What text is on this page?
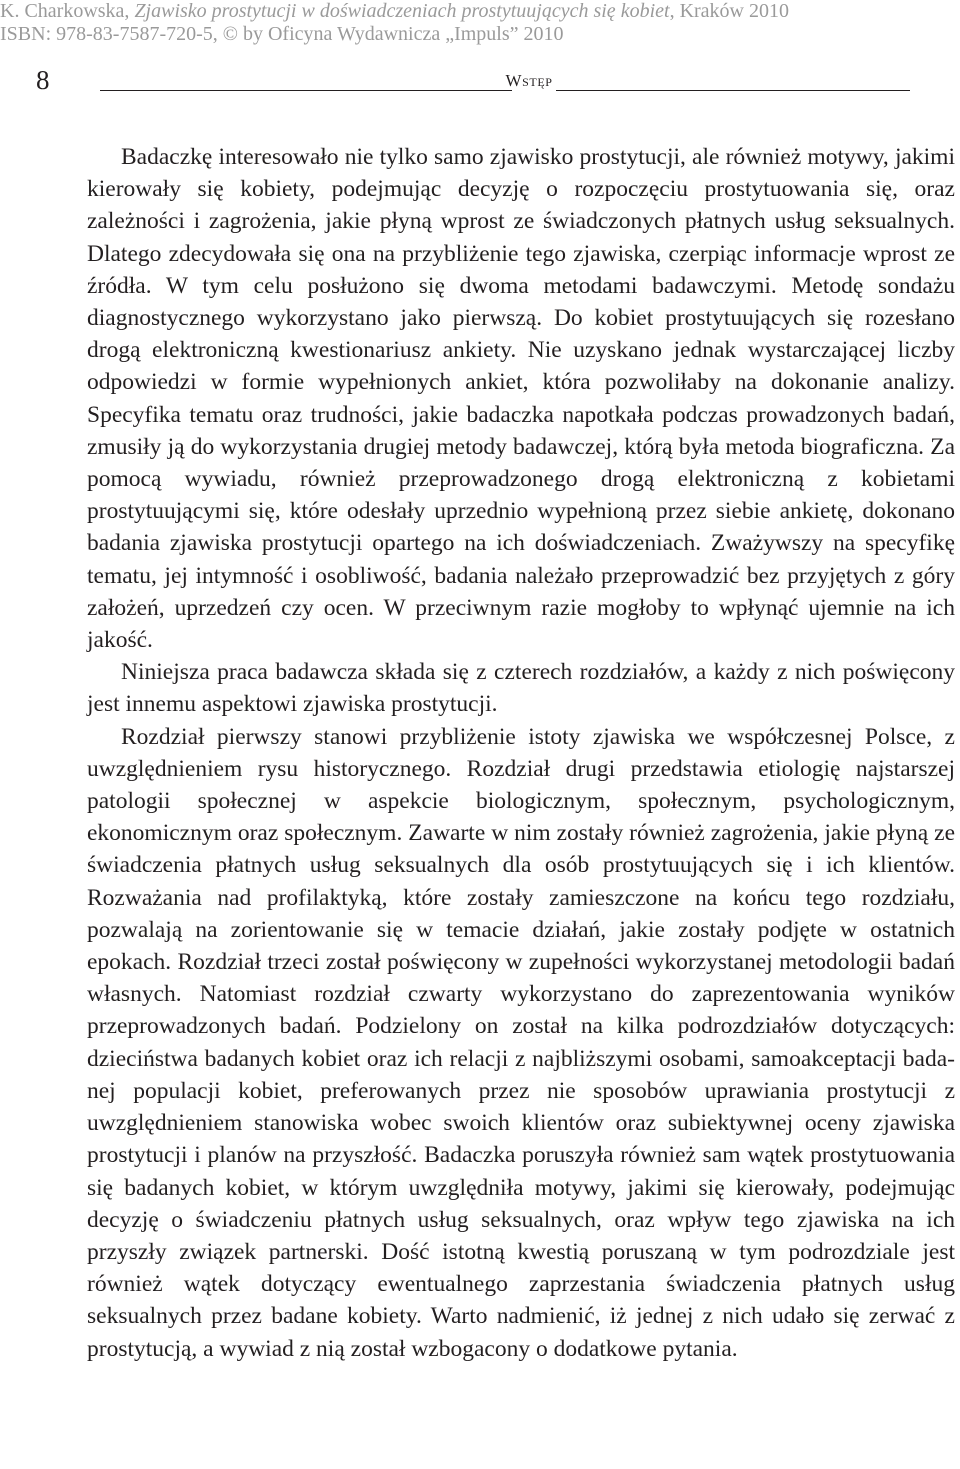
K. Charkowska, Zjawisko prostytucji w doświadczeniach prostytuujących się kobiet, Kraków 2010
ISBN: 978-83-7587-720-5, © by Oficyna Wydawnicza „Impuls” 2010
8	Wstęp

Badaczkę interesowało nie tylko samo zjawisko prostytucji, ale również motywy, jakimi kierowały się kobiety, podejmując decyzję o rozpoczęciu prostytuowania się, oraz zależności i zagrożenia, jakie płyną wprost ze świadczonych płatnych usług seksualnych. Dlatego zdecydowała się ona na przybliżenie tego zjawiska, czerpiąc informacje wprost ze źródła. W tym celu posłużono się dwoma metodami badawczymi. Metodę sondażu diagnostycznego wykorzystano jako pierwszą. Do kobiet prostytuujących się rozesłano drogą elektroniczną kwestionariusz ankiety. Nie uzyskano jednak wystarczającej liczby odpowiedzi w formie wypełnionych ankiet, która pozwoliłaby na dokonanie analizy. Specyfika tematu oraz trudności, jakie badaczka napotkała podczas prowadzonych badań, zmusiły ją do wykorzystania drugiej metody badawczej, którą była metoda biograficzna. Za pomocą wywiadu, również przeprowadzonego drogą elektroniczną z kobietami prostytuującymi się, które odesłały uprzednio wypełnioną przez siebie ankietę, dokonano badania zjawiska prostytucji opartego na ich doświadczeniach. Zważywszy na specyfikę tematu, jej intymność i osobliwość, badania należało przeprowadzić bez przyjętych z góry założeń, uprzedzeń czy ocen. W przeciwnym razie mogłoby to wpłynąć ujemnie na ich jakość.

Niniejsza praca badawcza składa się z czterech rozdziałów, a każdy z nich poświęcony jest innemu aspektowi zjawiska prostytucji.

Rozdział pierwszy stanowi przybliżenie istoty zjawiska we współczesnej Polsce, z uwzględnieniem rysu historycznego. Rozdział drugi przedstawia etiologię najstarszej patologii społecznej w aspekcie biologicznym, społecznym, psychologicznym, ekonomicznym oraz społecznym. Zawarte w nim zostały również zagrożenia, jakie płyną ze świadczenia płatnych usług seksualnych dla osób prostytuujących się i ich klientów. Rozważania nad profilaktyką, które zostały zamieszczone na końcu tego rozdziału, pozwalają na zorientowanie się w temacie działań, jakie zostały podjęte w ostatnich epokach. Rozdział trzeci został poświęcony w zupełności wykorzystanej metodologii badań własnych. Natomiast rozdział czwarty wykorzystano do zaprezentowania wyników przeprowadzonych badań. Podzielony on został na kilka podrozdziałów dotyczących: dzieciństwa badanych kobiet oraz ich relacji z najbliższymi osobami, samoakceptacji badanej populacji kobiet, preferowanych przez nie sposobów uprawiania prostytucji z uwzględnieniem stanowiska wobec swoich klientów oraz subiektywnej oceny zjawiska prostytucji i planów na przyszłość. Badaczka poruszyła również sam wątek prostytuowania się badanych kobiet, w którym uwzględniła motywy, jakimi się kierowały, podejmując decyzję o świadczeniu płatnych usług seksualnych, oraz wpływ tego zjawiska na ich przyszły związek partnerski. Dość istotną kwestią poruszaną w tym podrozdziale jest również wątek dotyczący ewentualnego zaprzestania świadczenia płatnych usług seksualnych przez badane kobiety. Warto nadmienić, iż jednej z nich udało się zerwać z prostytucją, a wywiad z nią został wzbogacony o dodatkowe pytania.
